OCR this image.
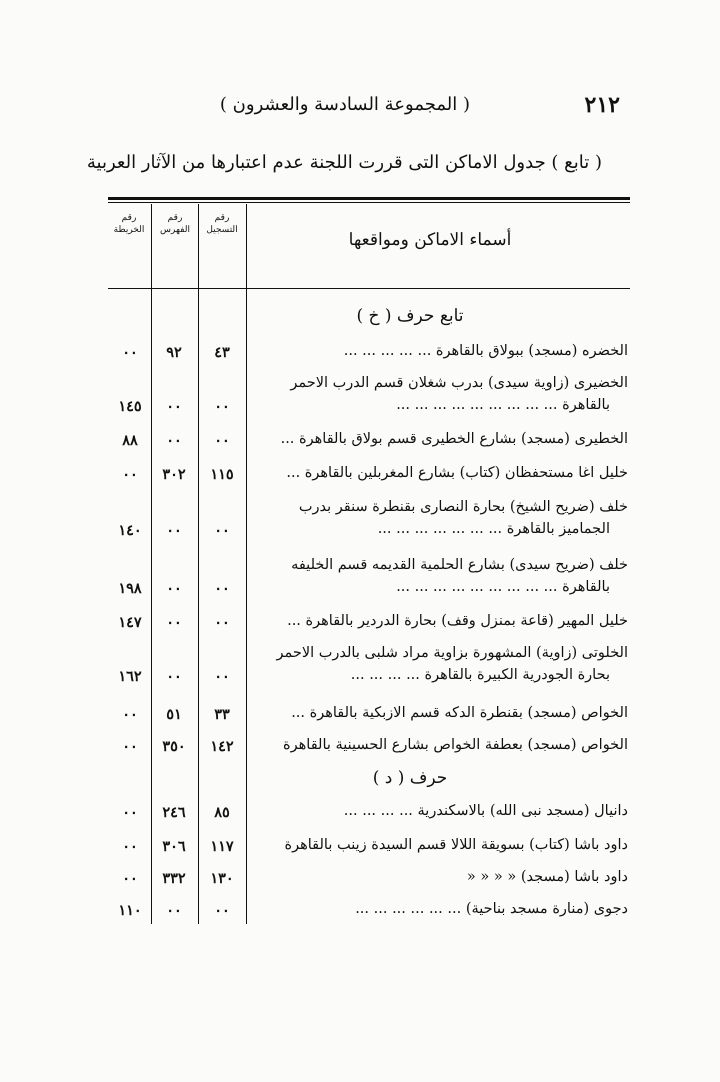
٢١٢
( المجموعة السادسة والعشرون )
( تابع ) جدول الاماكن التى قررت اللجنة عدم اعتبارها من الآثار العربية
أسماء الاماكن ومواقعها
رقم التسجيل
رقم الفهرس
رقم الخريطة
تابع حرف ( خ )
الخضره (مسجد) ببولاق بالقاهرة ... ... ... ... ...
٤٣
٩٢
٠٠
الخضيرى (زاوية سيدى) بدرب شغلان قسم الدرب الاحمر
بالقاهرة ... ... ... ... ... ... ... ... ...
٠٠
٠٠
١٤٥
الخطيرى (مسجد) بشارع الخطيرى قسم بولاق بالقاهرة ...
٠٠
٠٠
٨٨
خليل اغا مستحفظان (كتاب) بشارع المغربلين بالقاهرة ...
١١٥
٣٠٢
٠٠
خلف (ضريح الشيخ) بحارة النصارى بقنطرة سنقر بدرب
الجماميز بالقاهرة ... ... ... ... ... ... ...
٠٠
٠٠
١٤٠
خلف (ضريح سيدى) بشارع الحلمية القديمه قسم الخليفه
بالقاهرة ... ... ... ... ... ... ... ... ...
٠٠
٠٠
١٩٨
خليل المهير (قاعة بمنزل وقف) بحارة الدردير بالقاهرة ...
٠٠
٠٠
١٤٧
الخلوتى (زاوية) المشهورة بزاوية مراد شلبى بالدرب الاحمر
بحارة الجودرية الكبيرة بالقاهرة ... ... ... ...
٠٠
٠٠
١٦٢
الخواص (مسجد) بقنطرة الدكه قسم الازبكية بالقاهرة ...
٣٣
٥١
٠٠
الخواص (مسجد) بعطفة الخواص بشارع الحسينية بالقاهرة
١٤٢
٣٥٠
٠٠
حرف ( د )
دانيال (مسجد نبى الله) بالاسكندرية ... ... ... ...
٨٥
٢٤٦
٠٠
داود باشا (كتاب) بسويقة اللالا قسم السيدة زينب بالقاهرة
١١٧
٣٠٦
٠٠
داود باشا (مسجد) « « « «
١٣٠
٣٣٢
٠٠
دجوى (منارة مسجد بناحية) ... ... ... ... ... ...
٠٠
٠٠
١١٠
